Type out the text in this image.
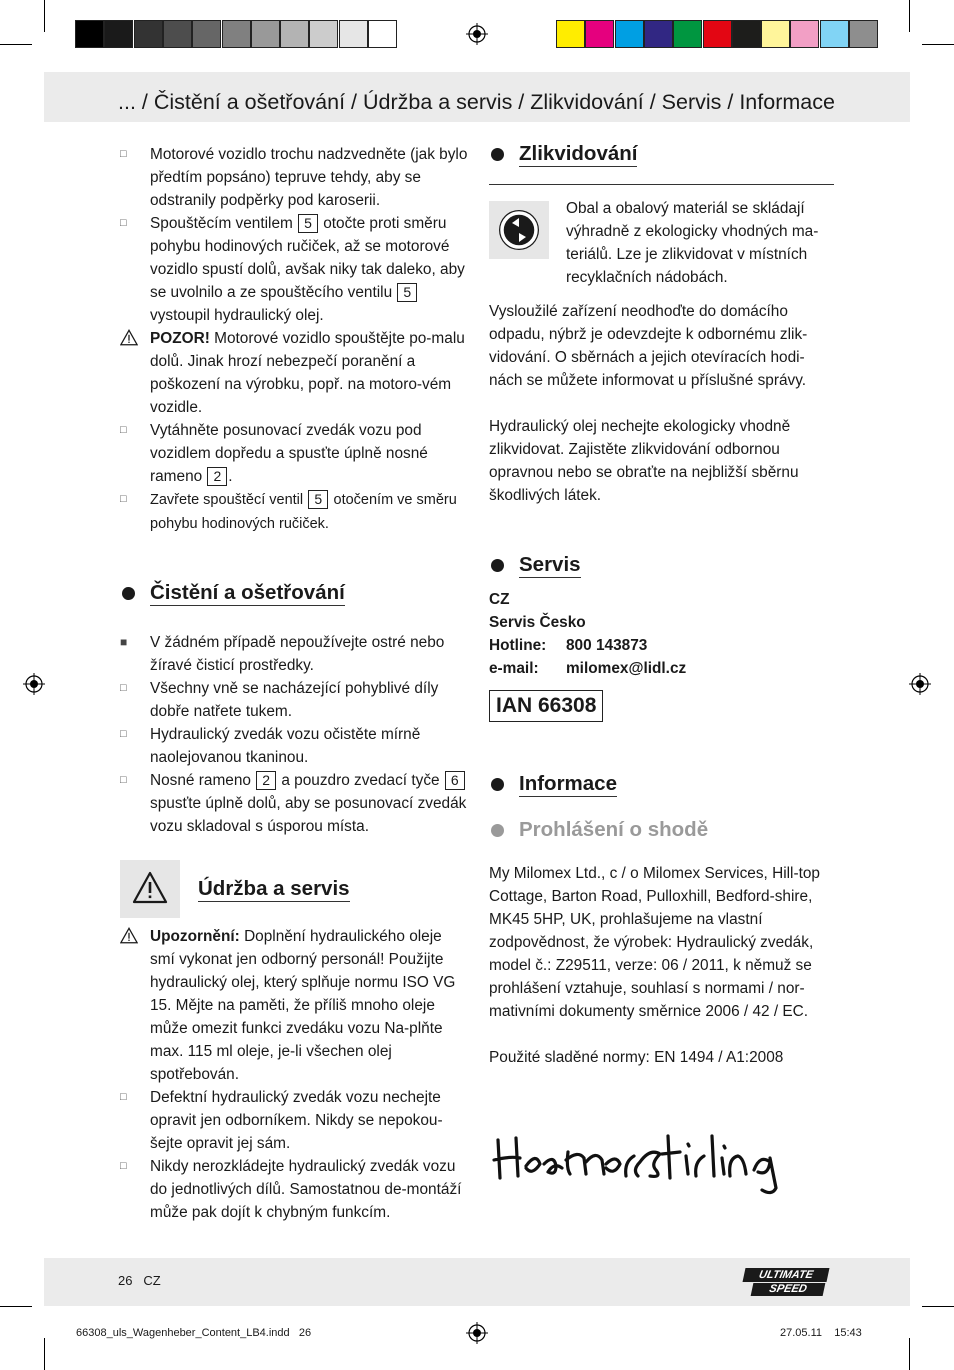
... / Čistění a ošetřování / Údržba a servis / Zlikvidování / Servis / Informace
□	Motorové vozidlo trochu nadzvedněte (jak bylo předtím popsáno) tepruve tehdy, aby se odstranily podpěrky pod karoserii.
□	Spouštěcím ventilem 5 otočte proti směru pohybu hodinových ručiček, až se motorové vozidlo spustí dolů, avšak niky tak daleko, aby se uvolnilo a ze spouštěcího ventilu 5 vystoupil hydraulický olej.
POZOR! Motorové vozidlo spouštějte po-malu dolů. Jinak hrozí nebezpečí poranění a poškození na výrobku, popř. na motoro-vém vozidle.
□	Vytáhněte posunovací zvedák vozu pod vozidlem dopředu a spusťte úplně nosné rameno 2 .
□	Zavřete spouštěcí ventil 5 otočením ve směru pohybu hodinových ručiček.
Čistění a ošetřování
■	V žádném případě nepoužívejte ostré nebo žíravé čisticí prostředky.
□	Všechny vně se nacházející pohyblivé díly dobře natřete tukem.
□	Hydraulický zvedák vozu očistěte mírně naolejovanou tkaninou.
□	Nosné rameno 2 a pouzdro zvedací tyče 6 spusťte úplně dolů, aby se posunovací zvedák vozu skladoval s úsporou místa.
Údržba a servis
Upozornění: Doplnění hydraulického oleje smí vykonat jen odborný personál! Použijte hydraulický olej, který splňuje normu ISO VG 15. Mějte na paměti, že příliš mnoho oleje může omezit funkci zvedáku vozu Na-plňte max. 115 ml oleje, je-li všechen olej spotřebován.
□	Defektní hydraulický zvedák vozu nechejte opravit jen odborníkem. Nikdy se nepokou-šejte opravit jej sám.
□	Nikdy nerozkládejte hydraulický zvedák vozu do jednotlivých dílů. Samostatnou de-montáží může pak dojít k chybným funkcím.
Zlikvidování
Obal a obalový materiál se skládají výhradně z ekologicky vhodných ma-teriálů. Lze je zlikvidovat v místních recyklačních nádobách.

Vysloužilé zařízení neodhoďte do domácího odpadu, nýbrž je odevzdejte k odbornému zlik-vidování. O sběrnách a jejich otevíracích hodi-nách se můžete informovat u příslušné správy.

Hydraulický olej nechejte ekologicky vhodně zlikvidovat. Zajistěte zlikvidování odbornou opravnou nebo se obraťte na nejbližší sběrnu škodlivých látek.

Servis
CZ
Servis Česko
Hotline: 800 143873
e-mail: milomex@lidl.cz
IAN 66308
Informace
Prohlášení o shodě

My Milomex Ltd., c / o Milomex Services, Hill-top Cottage, Barton Road, Pulloxhill, Bedford-shire, MK45 5HP, UK, prohlašujeme na vlastní zodpovědnost, že výrobek: Hydraulický zvedák, model č.: Z29511, verze: 06 / 2011, k němuž se prohlášení vztahuje, souhlasí s normami / nor-mativními dokumenty směrnice 2006 / 42 / EC.

Použité sladěné normy: EN 1494 / A1:2008

26 CZ	ULTIMATE
SPEED
66308_uls_Wagenheber_Content_LB4.indd   26	27.05.11 15:43
